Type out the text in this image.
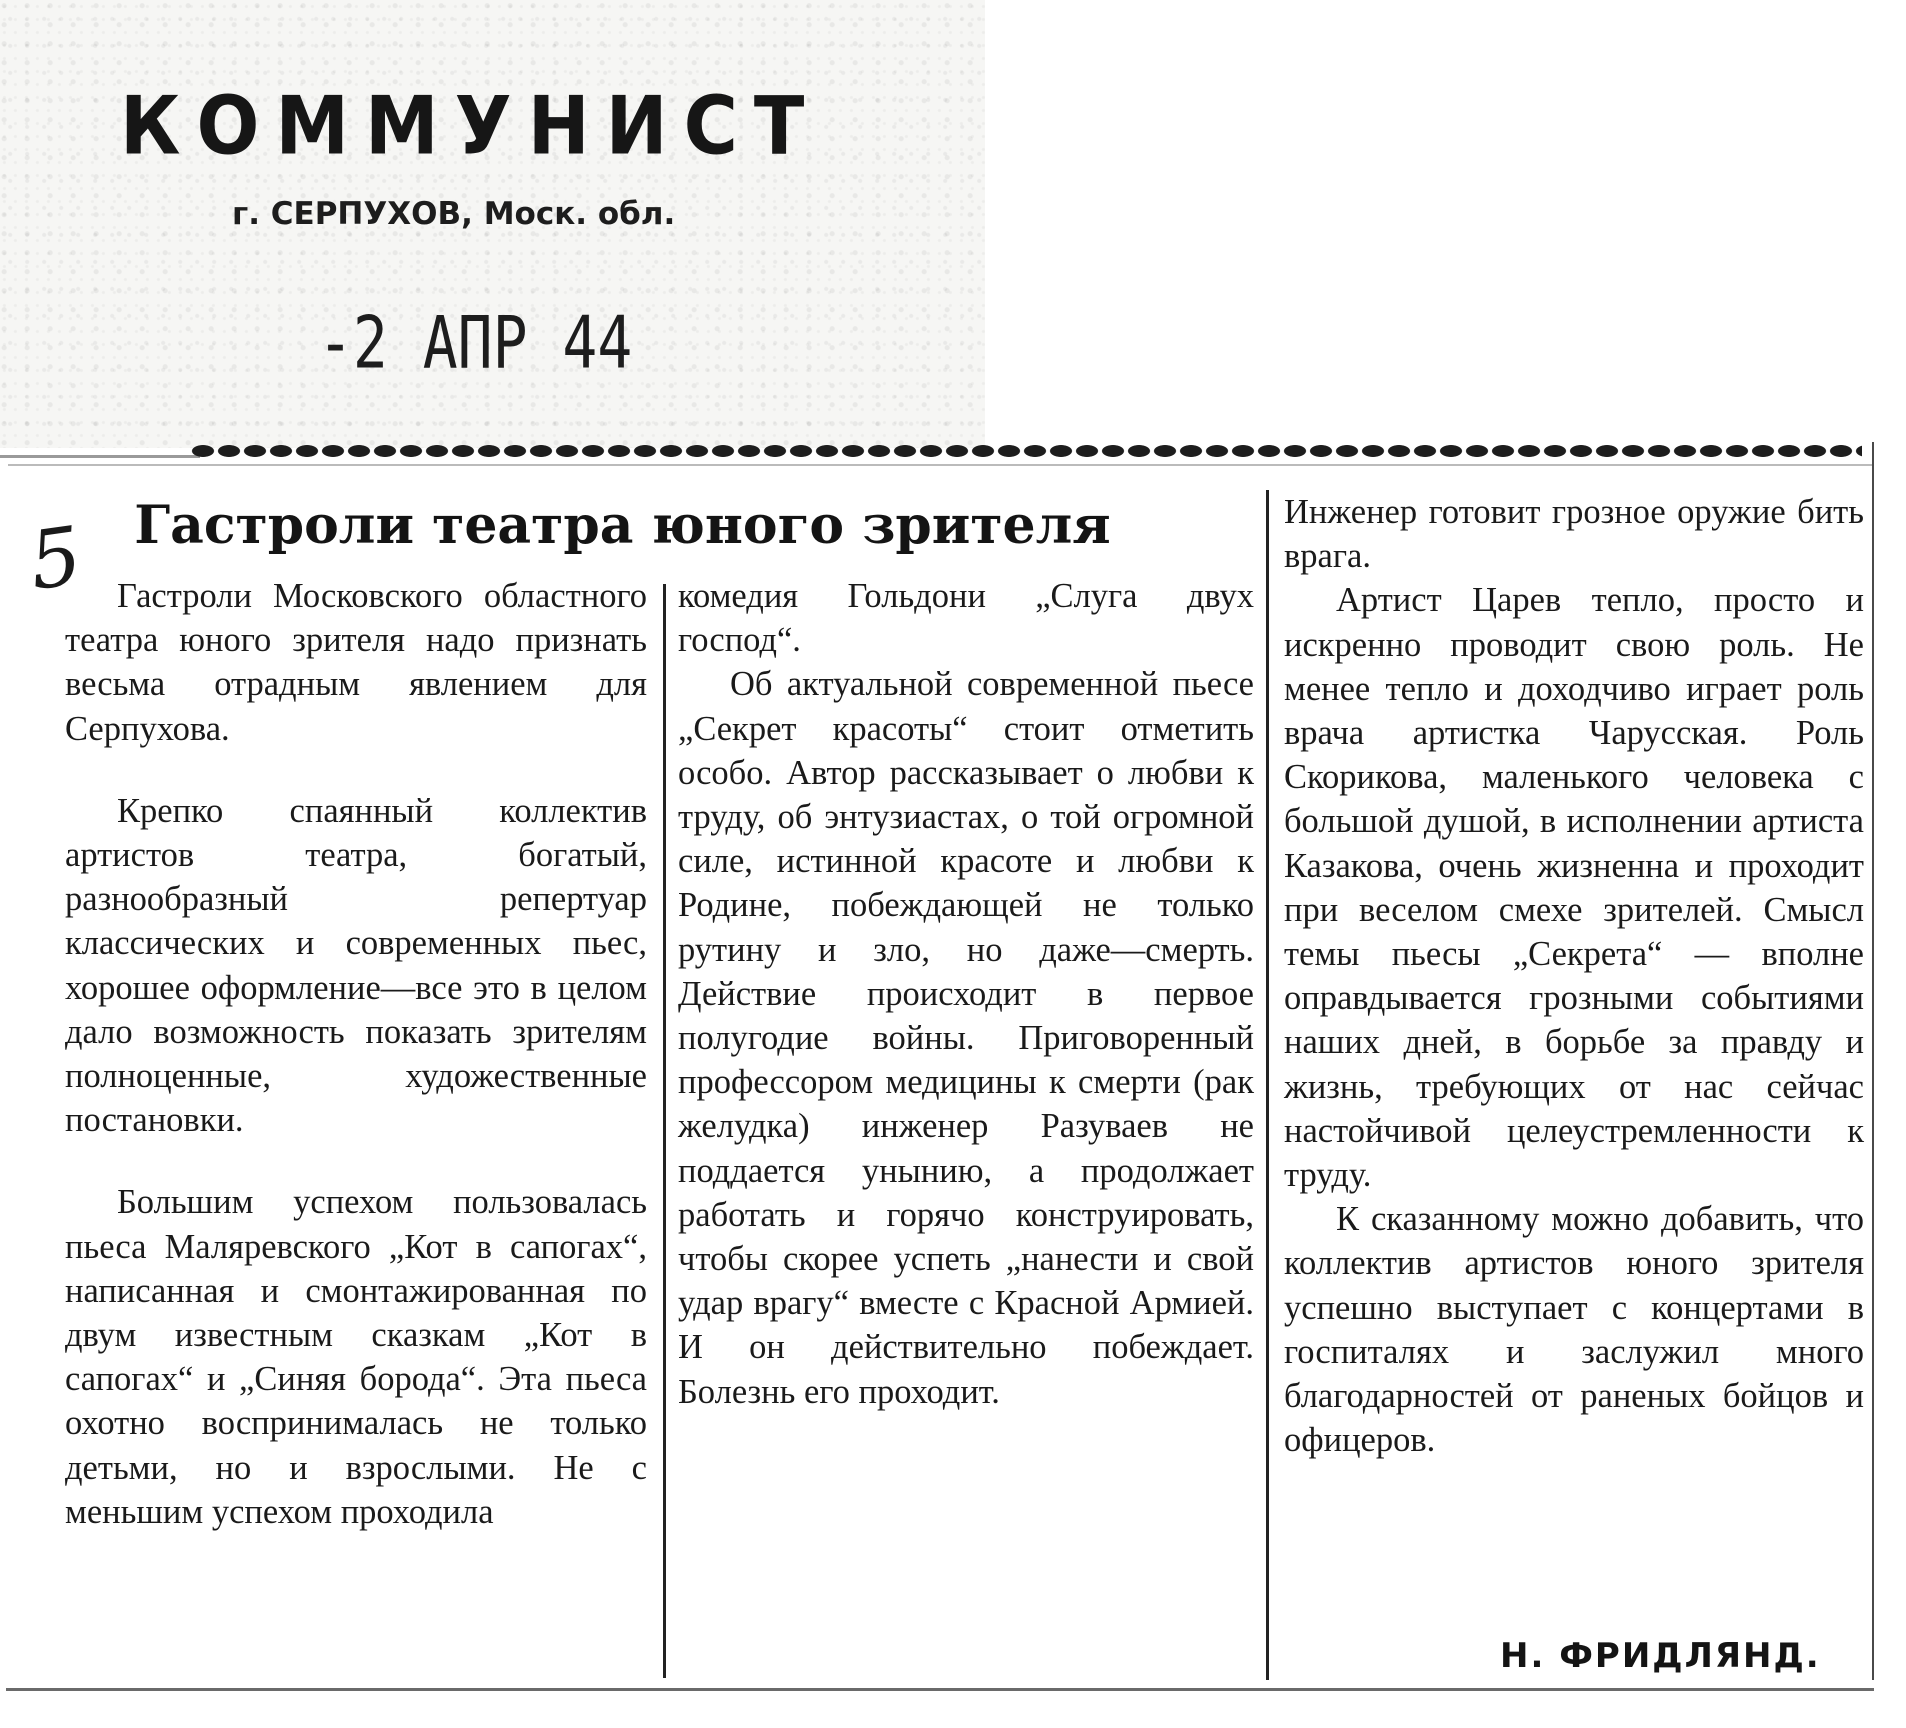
КОММУНИСТ
г. СЕРПУХОВ, Моск. обл.
-2 АПР 44
5 Гастроли театра юного зрителя

Гастроли Московского областного театра юного зрителя надо признать весьма отрадным явлением для Серпухова.

Крепко спаянный коллектив артистов театра, богатый, разнообразный репертуар классических и современных пьес, хорошее оформление—все это в целом дало возможность показать зрителям полноценные, художественные постановки.

Большим успехом пользовалась пьеса Маляревского „Кот в сапогах“, написанная и смонтажированная по двум известным сказкам „Кот в сапогах“ и „Синяя борода“. Эта пьеса охотно воспринималась не только детьми, но и взрослыми. Не с меньшим успехом проходила

комедия Гольдони „Слуга двух господ“.

Об актуальной современной пьесе „Секрет красоты“ стоит отметить особо. Автор рассказывает о любви к труду, об энтузиастах, о той огромной силе, истинной красоте и любви к Родине, побеждающей не только рутину и зло, но даже—смерть. Действие происходит в первое полугодие войны. Приговоренный профессором медицины к смерти (рак желудка) инженер Разуваев не поддается унынию, а продолжает работать и горячо конструировать, чтобы скорее успеть „нанести и свой удар врагу“ вместе с Красной Армией. И он действительно побеждает. Болезнь его проходит.

Инженер готовит грозное оружие бить врага.

Артист Царев тепло, просто и искренно проводит свою роль. Не менее тепло и доходчиво играет роль врача артистка Чарусская. Роль Скорикова, маленького человека с большой душой, в исполнении артиста Казакова, очень жизненна и проходит при веселом смехе зрителей. Смысл темы пьесы „Секрета“ — вполне оправдывается грозными событиями наших дней, в борьбе за правду и жизнь, требующих от нас сейчас настойчивой целеустремленности к труду.

К сказанному можно добавить, что коллектив артистов юного зрителя успешно выступает с концертами в госпиталях и заслужил много благодарностей от раненых бойцов и офицеров.

Н. ФРИДЛЯНД.
